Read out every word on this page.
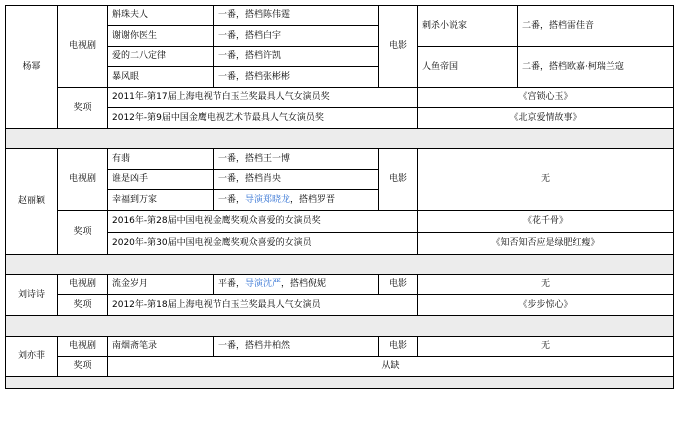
杨幂	电视剧	斛珠夫人	一番，搭档陈伟霆	电影	刺杀小说家	二番，搭档雷佳音
		谢谢你医生	一番，搭档白宇			
		爱的二八定律	一番，搭档许凯		人鱼帝国	二番，搭档欧嘉·柯瑞兰寇
		暴风眼	一番，搭档张彬彬			
	奖项	2011年-第17届上海电视节白玉兰奖最具人气女演员奖			《宫锁心玉》	
		2012年-第9届中国金鹰电视艺术节最具人气女演员奖			《北京爱情故事》	

赵丽颖	电视剧	有翡	一番，搭档王一博	电影	无	
		谁是凶手	一番，搭档肖央			
		幸福到万家	一番，导演郑晓龙，搭档罗晋			
	奖项	2016年-第28届中国电视金鹰奖观众喜爱的女演员奖			《花千骨》	
		2020年-第30届中国电视金鹰奖观众喜爱的女演员			《知否知否应是绿肥红瘦》	

刘诗诗	电视剧	流金岁月	平番，导演沈严，搭档倪妮	电影	无	
	奖项	2012年-第18届上海电视节白玉兰奖最具人气女演员			《步步惊心》	

刘亦菲	电视剧	南烟斋笔录	一番，搭档井柏然	电影	无	
	奖项	从缺				
